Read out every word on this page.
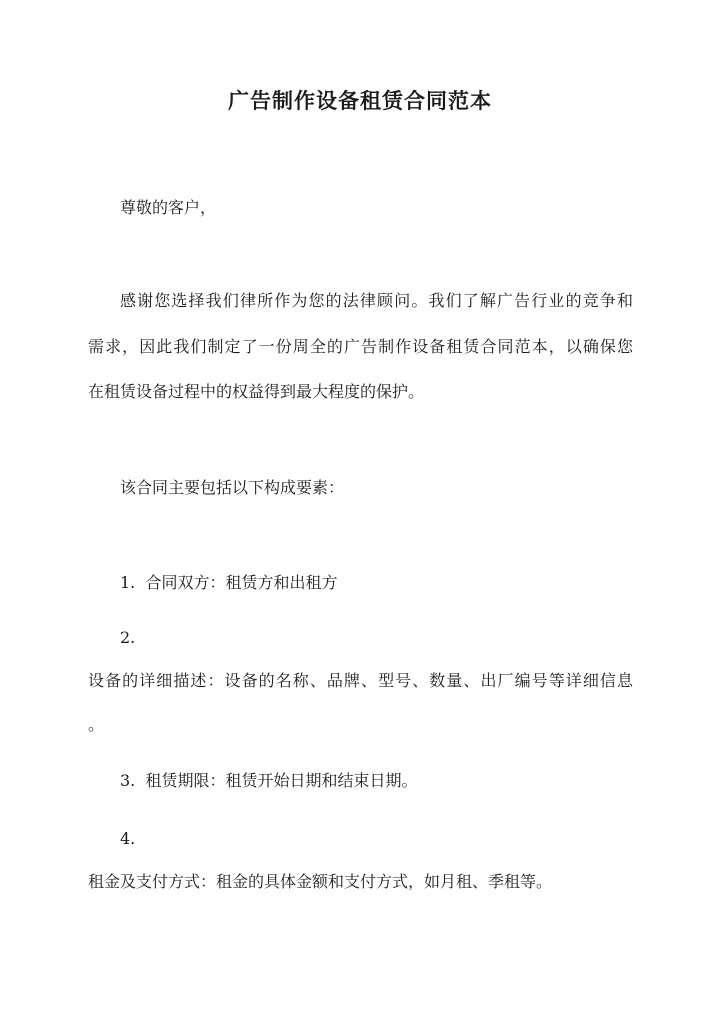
广告制作设备租赁合同范本
尊敬的客户，
感谢您选择我们律所作为您的法律顾问。我们了解广告行业的竞争和
需求，因此我们制定了一份周全的广告制作设备租赁合同范本，以确保您
在租赁设备过程中的权益得到最大程度的保护。
该合同主要包括以下构成要素：
1. 合同双方：租赁方和出租方
2.
设备的详细描述：设备的名称、品牌、型号、数量、出厂编号等详细信息
。
3. 租赁期限：租赁开始日期和结束日期。
4.
租金及支付方式：租金的具体金额和支付方式，如月租、季租等。
